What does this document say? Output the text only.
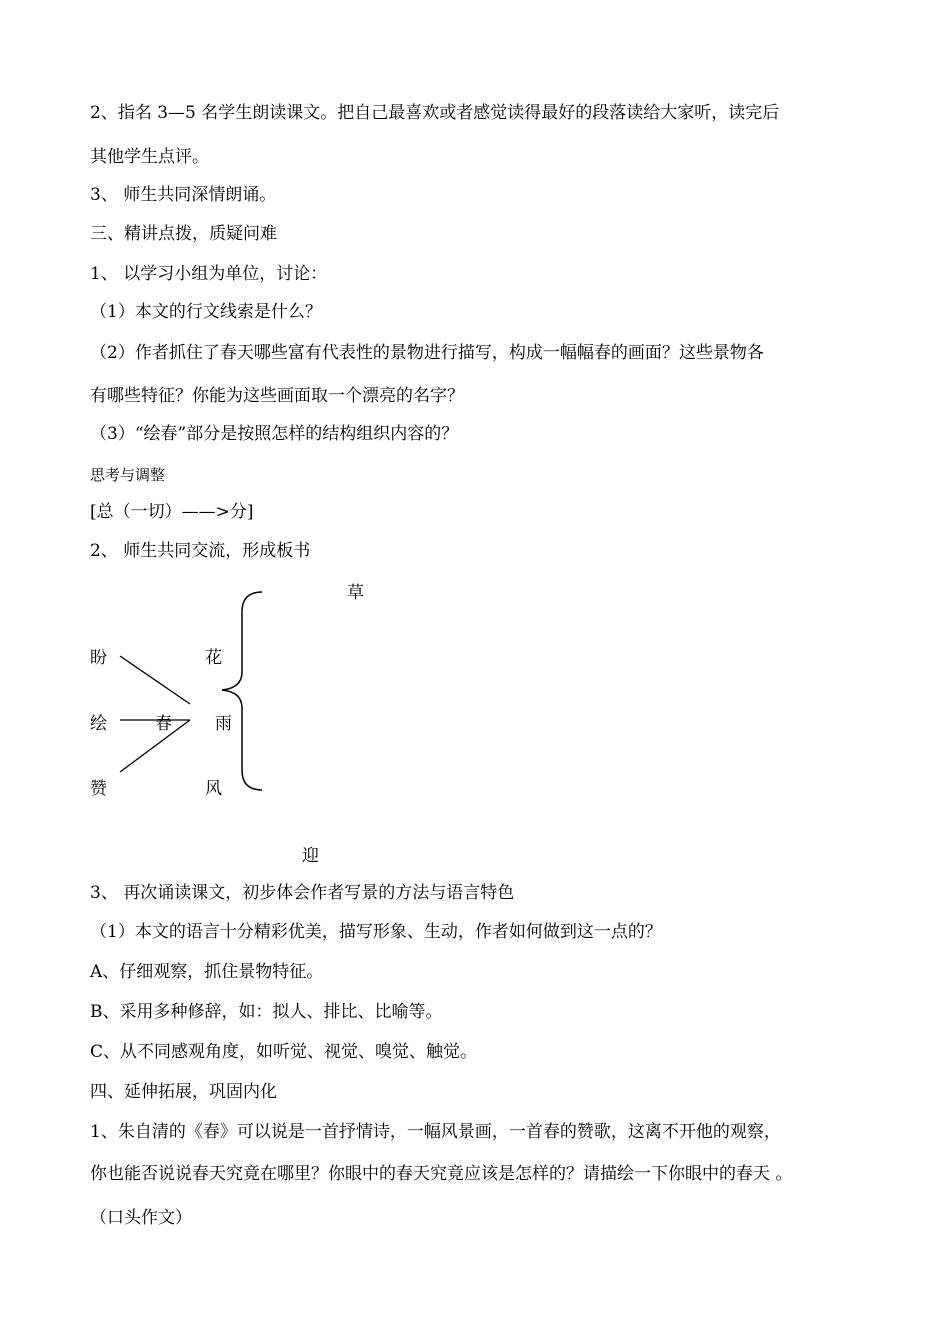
2、指名 3—5 名学生朗读课文。把自己最喜欢或者感觉读得最好的段落读给大家听，读完后
其他学生点评。
3、 师生共同深情朗诵。
三、精讲点拨，质疑问难
1、 以学习小组为单位，讨论：
（1）本文的行文线索是什么？
（2）作者抓住了春天哪些富有代表性的景物进行描写，构成一幅幅春的画面？这些景物各
有哪些特征？你能为这些画面取一个漂亮的名字？
（3）“绘春”部分是按照怎样的结构组织内容的？
思考与调整
[总（一切）——>分]
2、 师生共同交流，形成板书
盼
绘
赞
春
草
花
雨
风
迎
3、 再次诵读课文，初步体会作者写景的方法与语言特色
（1）本文的语言十分精彩优美，描写形象、生动，作者如何做到这一点的？
A、仔细观察，抓住景物特征。
B、采用多种修辞，如：拟人、排比、比喻等。
C、从不同感观角度，如听觉、视觉、嗅觉、触觉。
四、延伸拓展，巩固内化
1、朱自清的《春》可以说是一首抒情诗，一幅风景画，一首春的赞歌，这离不开他的观察，
你也能否说说春天究竟在哪里？你眼中的春天究竟应该是怎样的？请描绘一下你眼中的春天 。
（口头作文）
